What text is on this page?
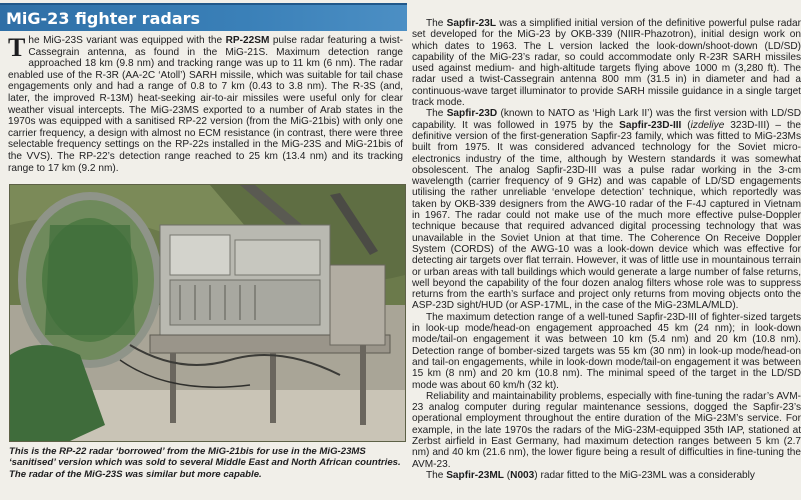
MiG-23 fighter radars

The MiG-23S variant was equipped with the RP-22SM pulse radar featuring a twist-Cassegrain antenna, as found in the MiG-21S. Maximum detection range approached 18 km (9.8 nm) and tracking range was up to 11 km (6 nm). The radar enabled use of the R-3R (AA-2C ‘Atoll’) SARH missile, which was suitable for tail chase engagements only and had a range of 0.8 to 7 km (0.43 to 3.8 nm). The R-3S (and, later, the improved R-13M) heat-seeking air-to-air missiles were useful only for clear weather visual intercepts. The MiG-23MS exported to a number of Arab states in the 1970s was equipped with a sanitised RP-22 version (from the MiG-21bis) with only one carrier frequency, a design with almost no ECM resistance (in contrast, there were three selectable frequency settings on the RP-22s installed in the MiG-23S and MiG-21bis of the VVS). The RP-22’s detection range reached to 25 km (13.4 nm) and its tracking range to 17 km (9.2 nm).

This is the RP-22 radar ‘borrowed’ from the MiG-21bis for use in the MiG-23MS ‘sanitised’ version which was sold to several Middle East and North African countries. The radar of the MiG-23S was similar but more capable.

The Sapfir-23L was a simplified initial version of the definitive powerful pulse radar set developed for the MiG-23 by OKB-339 (NIIR-Phazotron), initial design work on which dates to 1963. The L version lacked the look-down/shoot-down (LD/SD) capability of the MiG-23’s radar, so could accommodate only R-23R SARH missiles used against medium- and high-altitude targets flying above 1000 m (3,280 ft). The radar used a twist-Cassegrain antenna 800 mm (31.5 in) in diameter and had a continuous-wave target illuminator to provide SARH missile guidance in a single target track mode.

The Sapfir-23D (known to NATO as ‘High Lark II’) was the first version with LD/SD capability. It was followed in 1975 by the Sapfir-23D-III (izdeliye 323D-III) – the definitive version of the first-generation Sapfir-23 family, which was fitted to MiG-23Ms built from 1975. It was considered advanced technology for the Soviet micro-electronics industry of the time, although by Western standards it was somewhat obsolescent. The analog Sapfir-23D-III was a pulse radar working in the 3-cm wavelength (carrier frequency of 9 GHz) and was capable of LD/SD engagements utilising the rather unreliable ‘envelope detection’ technique, which reportedly was taken by OKB-339 designers from the AWG-10 radar of the F-4J captured in Vietnam in 1967. The radar could not make use of the much more effective pulse-Doppler technique because that required advanced digital processing technology that was unavailable in the Soviet Union at that time. The Coherence On Receive Doppler System (CORDS) of the AWG-10 was a look-down device which was effective for detecting air targets over flat terrain. However, it was of little use in mountainous terrain or urban areas with tall buildings which would generate a large number of false returns, well beyond the capability of the four dozen analog filters whose role was to suppress returns from the earth’s surface and project only returns from moving objects onto the ASP-23D sight/HUD (or ASP-17ML, in the case of the MiG-23MLA/MLD).

The maximum detection range of a well-tuned Sapfir-23D-III of fighter-sized targets in look-up mode/head-on engagement approached 45 km (24 nm); in look-down mode/tail-on engagement it was between 10 km (5.4 nm) and 20 km (10.8 nm). Detection range of bomber-sized targets was 55 km (30 nm) in look-up mode/head-on and tail-on engagements, while in look-down mode/tail-on engagement it was between 15 km (8 nm) and 20 km (10.8 nm). The minimal speed of the target in the LD/SD mode was about 60 km/h (32 kt).

Reliability and maintainability problems, especially with fine-tuning the radar’s AVM-23 analog computer during regular maintenance sessions, dogged the Sapfir-23’s operational employment throughout the entire duration of the MiG-23M’s service. For example, in the late 1970s the radars of the MiG-23M-equipped 35th IAP, stationed at Zerbst airfield in East Germany, had maximum detection ranges between 5 km (2.7 nm) and 40 km (21.6 nm), the lower figure being a result of difficulties in fine-tuning the AVM-23.

The Sapfir-23ML (N003) radar fitted to the MiG-23ML was a considerably
